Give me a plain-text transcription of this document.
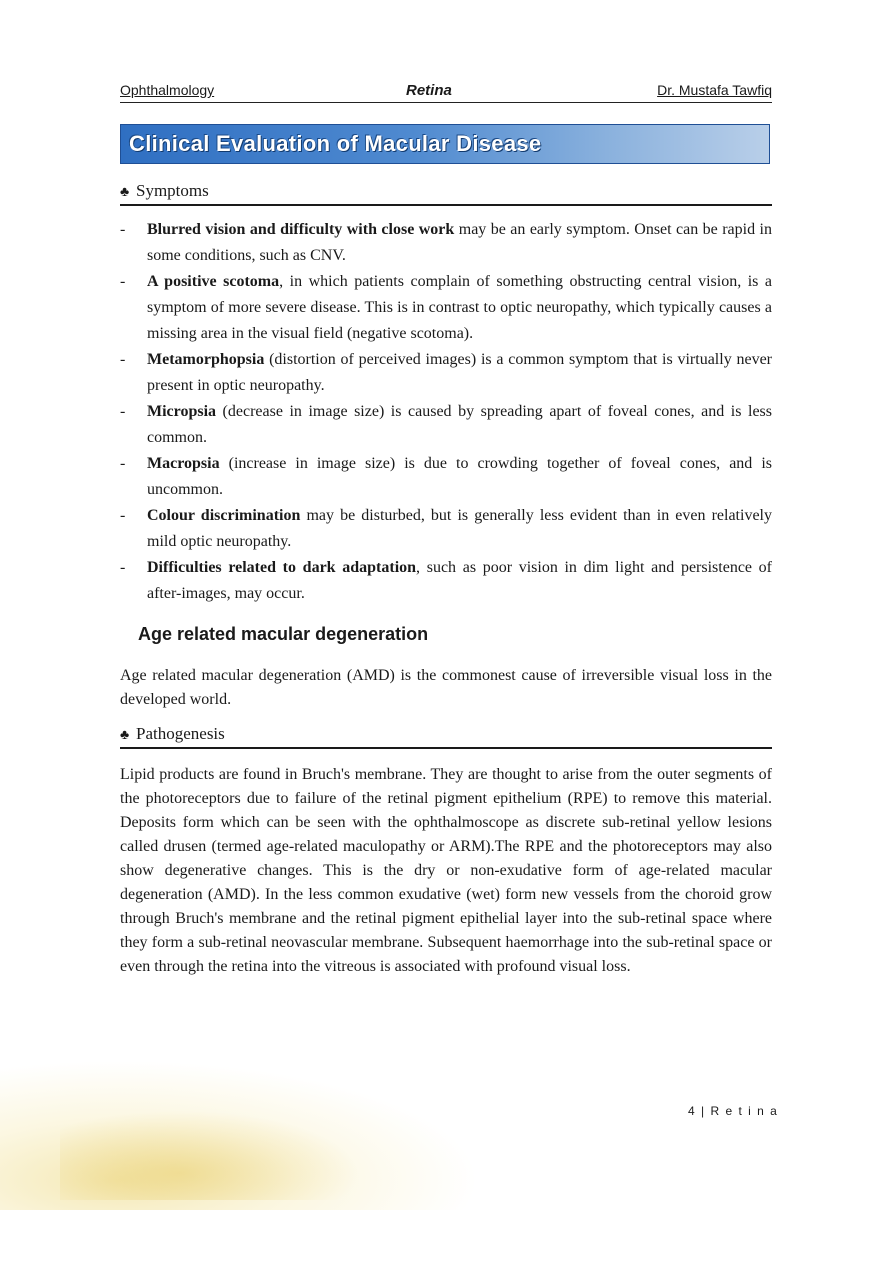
Ophthalmology	Retina	Dr. Mustafa Tawfiq
Clinical Evaluation of Macular Disease
♣ Symptoms
- Blurred vision and difficulty with close work may be an early symptom. Onset can be rapid in some conditions, such as CNV.
- A positive scotoma, in which patients complain of something obstructing central vision, is a symptom of more severe disease. This is in contrast to optic neuropathy, which typically causes a missing area in the visual field (negative scotoma).
- Metamorphopsia (distortion of perceived images) is a common symptom that is virtually never present in optic neuropathy.
- Micropsia (decrease in image size) is caused by spreading apart of foveal cones, and is less common.
- Macropsia (increase in image size) is due to crowding together of foveal cones, and is uncommon.
- Colour discrimination may be disturbed, but is generally less evident than in even relatively mild optic neuropathy.
- Difficulties related to dark adaptation, such as poor vision in dim light and persistence of after-images, may occur.
Age related macular degeneration

Age related macular degeneration (AMD) is the commonest cause of irreversible visual loss in the developed world.

♣ Pathogenesis

Lipid products are found in Bruch's membrane. They are thought to arise from the outer segments of the photoreceptors due to failure of the retinal pigment epithelium (RPE) to remove this material. Deposits form which can be seen with the ophthalmoscope as discrete sub-retinal yellow lesions called drusen (termed age-related maculopathy or ARM).The RPE and the photoreceptors may also show degenerative changes. This is the dry or non-exudative form of age-related macular degeneration (AMD). In the less common exudative (wet) form new vessels from the choroid grow through Bruch's membrane and the retinal pigment epithelial layer into the sub-retinal space where they form a sub-retinal neovascular membrane. Subsequent haemorrhage into the sub-retinal space or even through the retina into the vitreous is associated with profound visual loss.

4 | R e t i n a
